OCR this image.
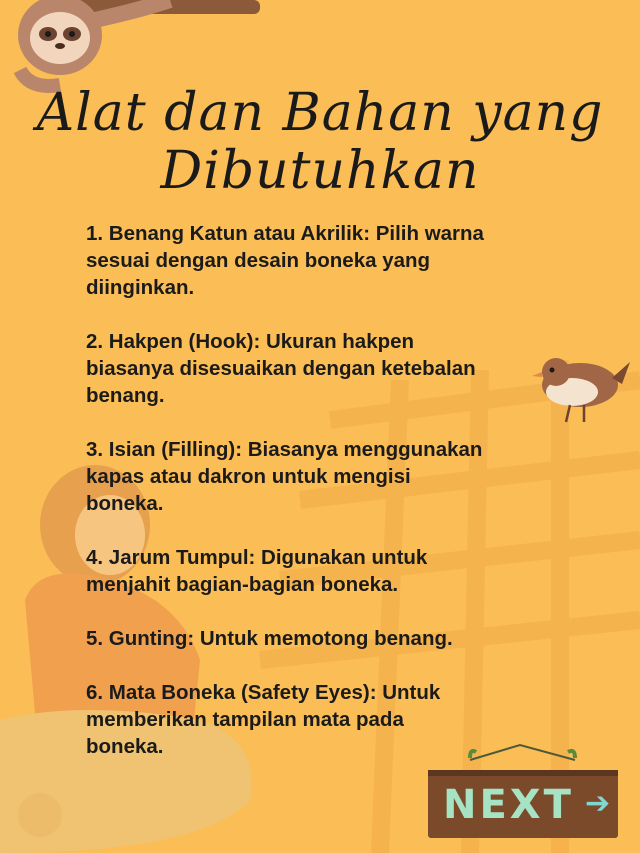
Alat dan Bahan yang
Dibutuhkan
1. Benang Katun atau Akrilik: Pilih warna
sesuai dengan desain boneka yang
diinginkan.
2. Hakpen (Hook): Ukuran hakpen
biasanya disesuaikan dengan ketebalan
benang.
3. Isian (Filling): Biasanya menggunakan
kapas atau dakron untuk mengisi
boneka.
4. Jarum Tumpul: Digunakan untuk
menjahit bagian-bagian boneka.
5. Gunting: Untuk memotong benang.
6. Mata Boneka (Safety Eyes): Untuk
memberikan tampilan mata pada
boneka.
NEXT ➔
